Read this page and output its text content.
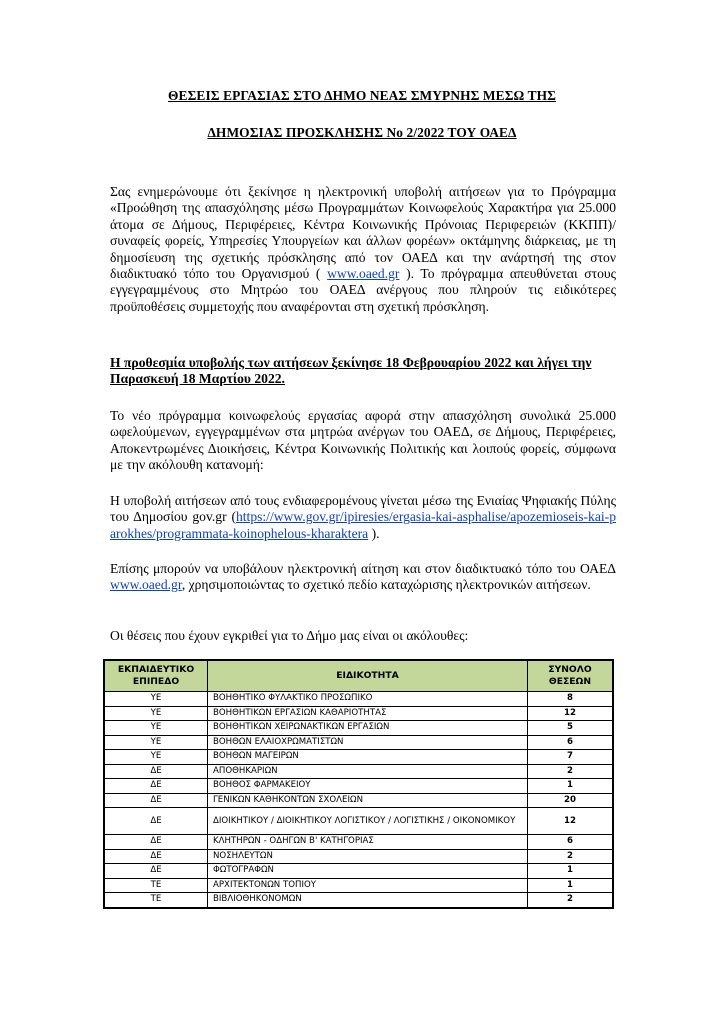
ΘΕΣΕΙΣ ΕΡΓΑΣΙΑΣ ΣΤΟ ΔΗΜΟ ΝΕΑΣ ΣΜΥΡΝΗΣ ΜΕΣΩ ΤΗΣ
ΔΗΜΟΣΙΑΣ ΠΡΟΣΚΛΗΣΗΣ Νο 2/2022 ΤΟΥ ΟΑΕΔ
Σας ενημερώνουμε ότι ξεκίνησε η ηλεκτρονική υποβολή αιτήσεων για το Πρόγραμμα «Προώθηση της απασχόλησης μέσω Προγραμμάτων Κοινωφελούς Χαρακτήρα για 25.000 άτομα σε Δήμους, Περιφέρειες, Κέντρα Κοινωνικής Πρόνοιας Περιφερειών (ΚΚΠΠ)/συναφείς φορείς, Υπηρεσίες Υπουργείων και άλλων φορέων» οκτάμηνης διάρκειας, με τη δημοσίευση της σχετικής πρόσκλησης από τον ΟΑΕΔ και την ανάρτησή της στον διαδικτυακό τόπο του Οργανισμού ( www.oaed.gr ). Το πρόγραμμα απευθύνεται στους εγγεγραμμένους στο Μητρώο του ΟΑΕΔ ανέργους που πληρούν τις ειδικότερες προϋποθέσεις συμμετοχής που αναφέρονται στη σχετική πρόσκληση.
Η προθεσμία υποβολής των αιτήσεων ξεκίνησε 18 Φεβρουαρίου 2022 και λήγει την Παρασκευή 18 Μαρτίου 2022.
Το νέο πρόγραμμα κοινωφελούς εργασίας αφορά στην απασχόληση συνολικά 25.000 ωφελούμενων, εγγεγραμμένων στα μητρώα ανέργων του ΟΑΕΔ, σε Δήμους, Περιφέρειες, Αποκεντρωμένες Διοικήσεις, Κέντρα Κοινωνικής Πολιτικής και λοιπούς φορείς, σύμφωνα με την ακόλουθη κατανομή:
Η υποβολή αιτήσεων από τους ενδιαφερομένους γίνεται μέσω της Ενιαίας Ψηφιακής Πύλης του Δημοσίου gov.gr (https://www.gov.gr/ipiresies/ergasia-kai-asphalise/apozemioseis-kai-parokhes/programmata-koinophelous-kharaktera ).
Επίσης μπορούν να υποβάλουν ηλεκτρονική αίτηση και στον διαδικτυακό τόπο του ΟΑΕΔ www.oaed.gr, χρησιμοποιώντας το σχετικό πεδίο καταχώρισης ηλεκτρονικών αιτήσεων.
Οι θέσεις που έχουν εγκριθεί για το Δήμο μας είναι οι ακόλουθες:
ΕΚΠΑΙΔΕΥΤΙΚΟ ΕΠΙΠΕΔΟ	ΕΙΔΙΚΟΤΗΤΑ	ΣΥΝΟΛΟ ΘΕΣΕΩΝ
ΥΕ	ΒΟΗΘΗΤΙΚΟ ΦΥΛΑΚΤΙΚΟ ΠΡΟΣΩΠΙΚΟ	8
ΥΕ	ΒΟΗΘΗΤΙΚΩΝ ΕΡΓΑΣΙΩΝ ΚΑΘΑΡΙΟΤΗΤΑΣ	12
ΥΕ	ΒΟΗΘΗΤΙΚΩΝ ΧΕΙΡΩΝΑΚΤΙΚΩΝ ΕΡΓΑΣΙΩΝ	5
ΥΕ	ΒΟΗΘΩΝ ΕΛΑΙΟΧΡΩΜΑΤΙΣΤΩΝ	6
ΥΕ	ΒΟΗΘΩΝ ΜΑΓΕΙΡΩΝ	7
ΔΕ	ΑΠΟΘΗΚΑΡΙΩΝ	2
ΔΕ	ΒΟΗΘΟΣ ΦΑΡΜΑΚΕΙΟΥ	1
ΔΕ	ΓΕΝΙΚΩΝ ΚΑΘΗΚΟΝΤΩΝ ΣΧΟΛΕΙΩΝ	20
ΔΕ	ΔΙΟΙΚΗΤΙΚΟΥ / ΔΙΟΙΚΗΤΙΚΟΥ ΛΟΓΙΣΤΙΚΟΥ / ΛΟΓΙΣΤΙΚΗΣ / ΟΙΚΟΝΟΜΙΚΟΥ	12
ΔΕ	ΚΛΗΤΗΡΩΝ - ΟΔΗΓΩΝ Β' ΚΑΤΗΓΟΡΙΑΣ	6
ΔΕ	ΝΟΣΗΛΕΥΤΩΝ	2
ΔΕ	ΦΩΤΟΓΡΑΦΩΝ	1
ΤΕ	ΑΡΧΙΤΕΚΤΟΝΩΝ ΤΟΠΙΟΥ	1
ΤΕ	ΒΙΒΛΙΟΘΗΚΟΝΟΜΩΝ	2
